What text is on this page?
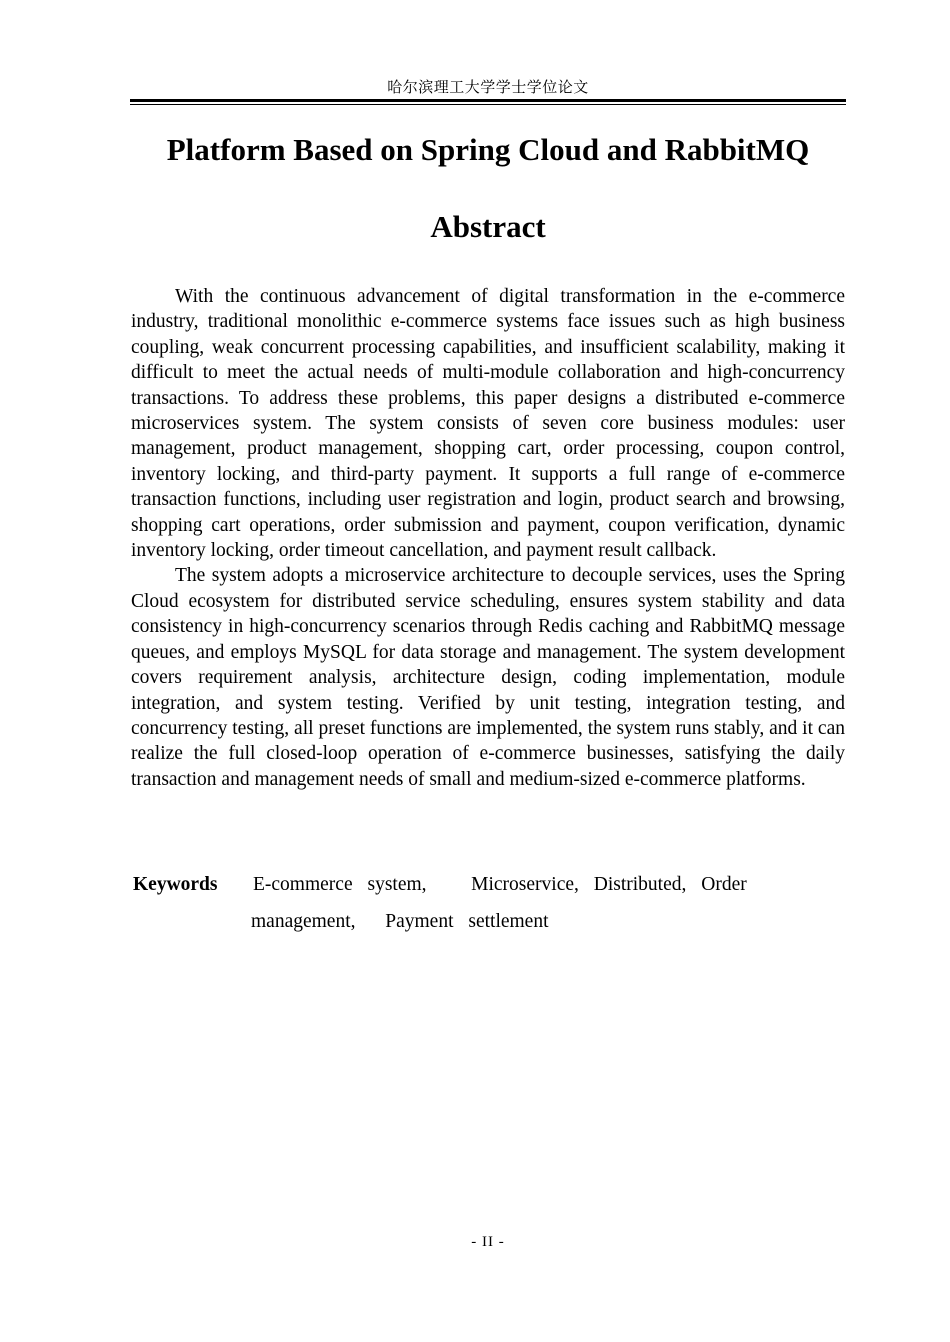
哈尔滨理工大学学士学位论文
Platform Based on Spring Cloud and RabbitMQ
Abstract

With the continuous advancement of digital transformation in the e-commerce industry, traditional monolithic e-commerce systems face issues such as high business coupling, weak concurrent processing capabilities, and insufficient scalability, making it difficult to meet the actual needs of multi-module collaboration and high-concurrency transactions. To address these problems, this paper designs a distributed e-commerce microservices system. The system consists of seven core business modules: user management, product management, shopping cart, order processing, coupon control, inventory locking, and third-party payment. It supports a full range of e-commerce transaction functions, including user registration and login, product search and browsing, shopping cart operations, order submission and payment, coupon verification, dynamic inventory locking, order timeout cancellation, and payment result callback.

The system adopts a microservice architecture to decouple services, uses the Spring Cloud ecosystem for distributed service scheduling, ensures system stability and data consistency in high-concurrency scenarios through Redis caching and RabbitMQ message queues, and employs MySQL for data storage and management. The system development covers requirement analysis, architecture design, coding implementation, module integration, and system testing. Verified by unit testing, integration testing, and concurrency testing, all preset functions are implemented, the system runs stably, and it can realize the full closed-loop operation of e-commerce businesses, satisfying the daily transaction and management needs of small and medium-sized e-commerce platforms.

Keywords E-commerce system,   Microservice, Distributed, Order
management,  Payment settlement
- II -
